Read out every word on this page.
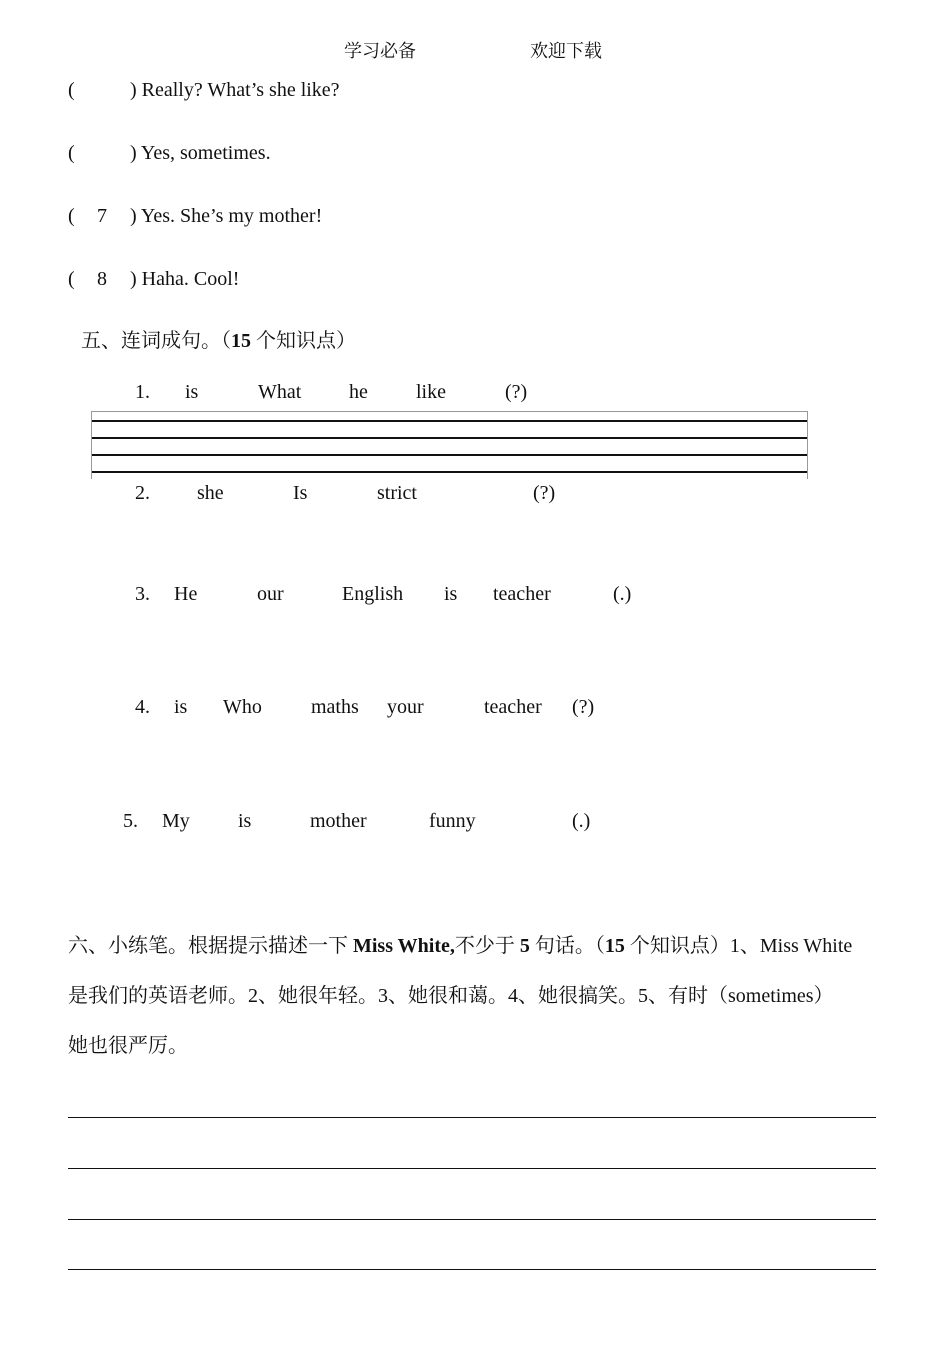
学习必备	欢迎下载
(	) Really? What’s she like?
(	) Yes, sometimes.
( 7 ) Yes. She’s my mother!
( 8 ) Haha. Cool!
五、连词成句。（15 个知识点）
1. is	What he like	(?)
2. she	Is	strict	(?)
3. He	our	English is teacher	(.)
4. is Who maths your	teacher (?)
5. My is	mother	funny	(.)
六、小练笔。根据提示描述一下 Miss White,不少于 5 句话。（15 个知识点）1、Miss White
是我们的英语老师。2、她很年轻。3、她很和蔼。4、她很搞笑。5、有时（sometimes）
她也很严厉。
